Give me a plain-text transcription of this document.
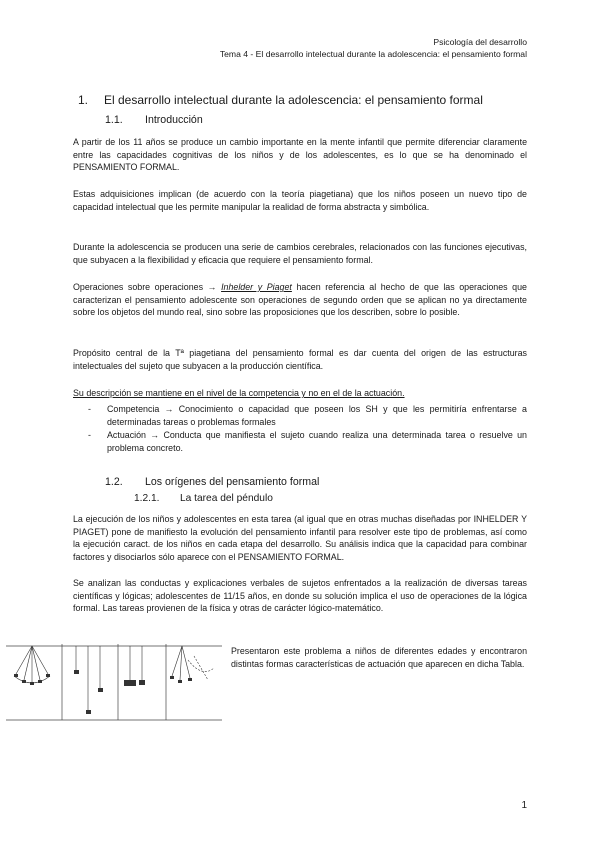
Psicología del desarrollo
Tema 4 - El desarrollo intelectual durante la adolescencia: el pensamiento formal
1. El desarrollo intelectual durante la adolescencia: el pensamiento formal
1.1. Introducción
A partir de los 11 años se produce un cambio importante en la mente infantil que permite diferenciar claramente entre las capacidades cognitivas de los niños y de los adolescentes, es lo que se ha denominado el PENSAMIENTO FORMAL.
Estas adquisiciones implican (de acuerdo con la teoría piagetiana) que los niños poseen un nuevo tipo de capacidad intelectual que les permite manipular la realidad de forma abstracta y simbólica.
Durante la adolescencia se producen una serie de cambios cerebrales, relacionados con las funciones ejecutivas, que subyacen a la flexibilidad y eficacia que requiere el pensamiento formal.
Operaciones sobre operaciones → Inhelder y Piaget hacen referencia al hecho de que las operaciones que caracterizan el pensamiento adolescente son operaciones de segundo orden que se aplican no ya directamente sobre los objetos del mundo real, sino sobre las proposiciones que los describen, sobre lo posible.
Propósito central de la Tª piagetiana del pensamiento formal es dar cuenta del origen de las estructuras intelectuales del sujeto que subyacen a la producción científica.
Su descripción se mantiene en el nivel de la competencia y no en el de la actuación.
- Competencia → Conocimiento o capacidad que poseen los SH y que les permitiría enfrentarse a determinadas tareas o problemas formales
- Actuación → Conducta que manifiesta el sujeto cuando realiza una determinada tarea o resuelve un problema concreto.
1.2. Los orígenes del pensamiento formal
1.2.1. La tarea del péndulo
La ejecución de los niños y adolescentes en esta tarea (al igual que en otras muchas diseñadas por INHELDER Y PIAGET) pone de manifiesto la evolución del pensamiento infantil para resolver este tipo de problemas, así como la ejecución caract. de los niños en cada etapa del desarrollo. Su análisis indica que la capacidad para combinar factores y disociarlos sólo aparece con el PENSAMIENTO FORMAL.
Se analizan las conductas y explicaciones verbales de sujetos enfrentados a la realización de diversas tareas científicas y lógicas; adolescentes de 11/15 años, en donde su solución implica el uso de operaciones de la lógica formal. Las tareas provienen de la física y otras de carácter lógico-matemático.
Presentaron este problema a niños de diferentes edades y encontraron distintas formas características de actuación que aparecen en dicha Tabla.
1
